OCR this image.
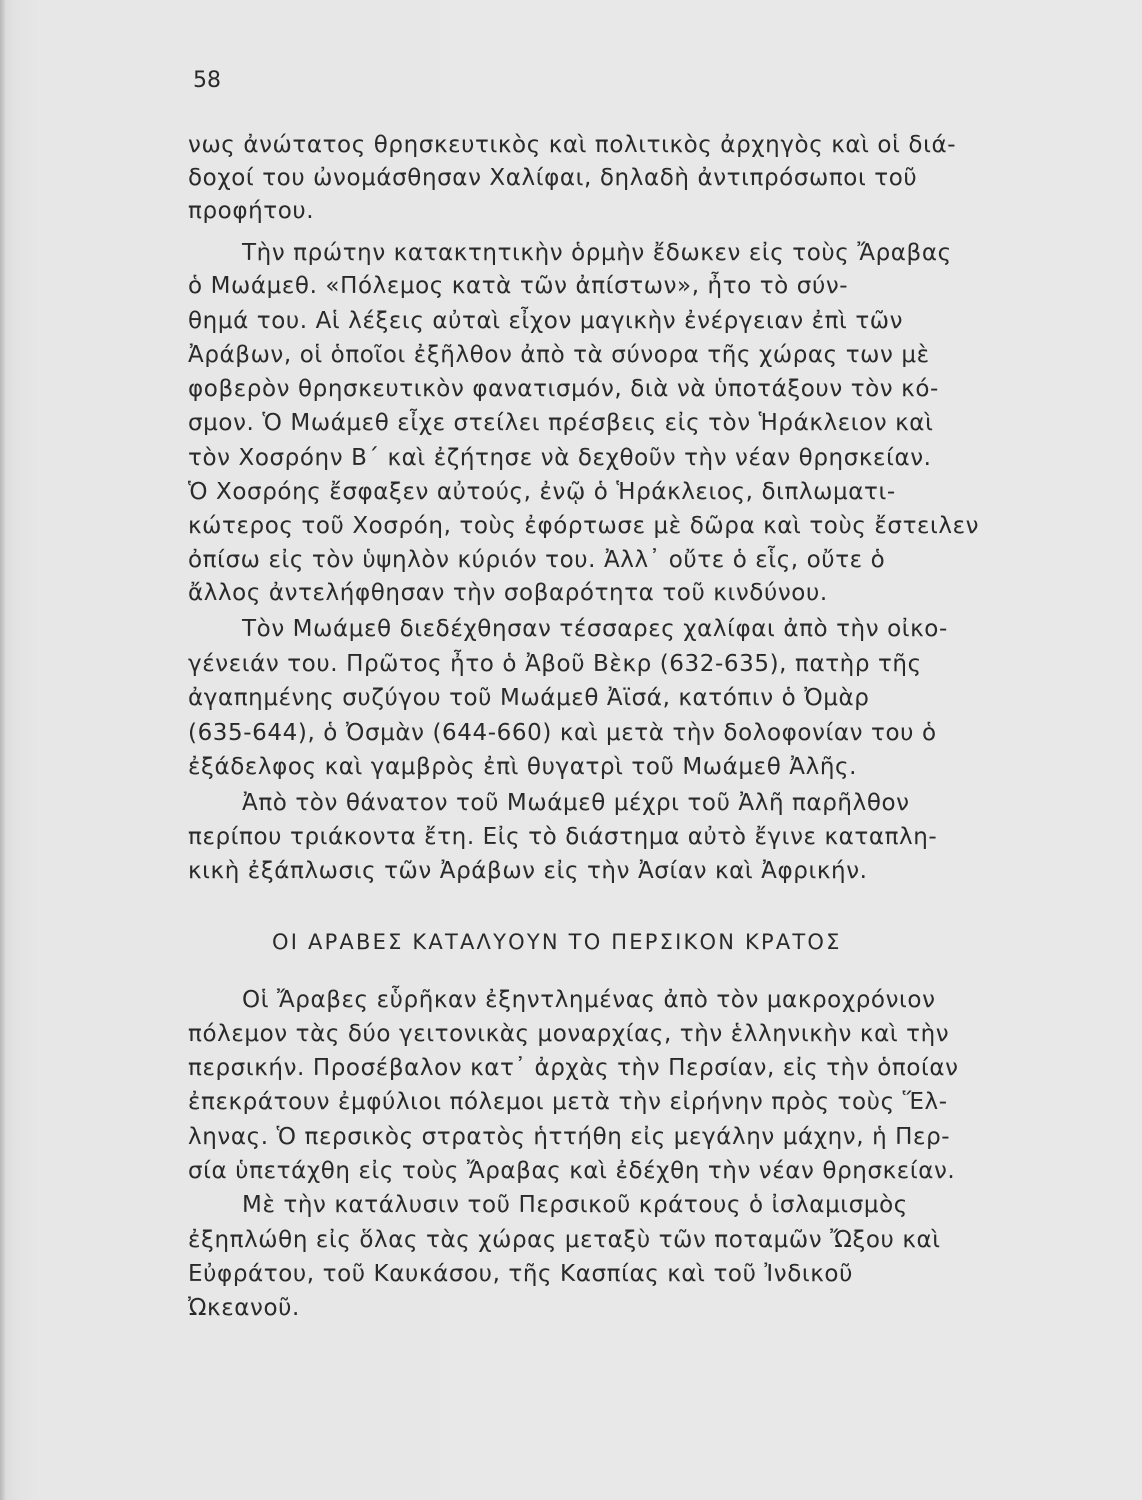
58
νως ἀνώτατος θρησκευτικὸς καὶ πολιτικὸς ἀρχηγὸς καὶ οἱ διά-
δοχοί του ὠνομάσθησαν Χαλίφαι, δηλαδὴ ἀντιπρόσωποι τοῦ
προφήτου.
Τὴν πρώτην κατακτητικὴν ὁρμὴν ἔδωκεν εἰς τοὺς Ἄραβας
ὁ Μωάμεθ. «Πόλεμος κατὰ τῶν ἀπίστων», ἦτο τὸ σύν-
θημά του. Αἱ λέξεις αὐταὶ εἶχον μαγικὴν ἐνέργειαν ἐπὶ τῶν
Ἀράβων, οἱ ὁποῖοι ἐξῆλθον ἀπὸ τὰ σύνορα τῆς χώρας των μὲ
φοβερὸν θρησκευτικὸν φανατισμόν, διὰ νὰ ὑποτάξουν τὸν κό-
σμον. Ὁ Μωάμεθ εἶχε στείλει πρέσβεις εἰς τὸν Ἡράκλειον καὶ
τὸν Χοσρόην Β´ καὶ ἐζήτησε νὰ δεχθοῦν τὴν νέαν θρησκείαν.
Ὁ Χοσρόης ἔσφαξεν αὐτούς, ἐνῷ ὁ Ἡράκλειος, διπλωματι-
κώτερος τοῦ Χοσρόη, τοὺς ἐφόρτωσε μὲ δῶρα καὶ τοὺς ἔστειλεν
ὀπίσω εἰς τὸν ὑψηλὸν κύριόν του. Ἀλλ᾽ οὔτε ὁ εἷς, οὔτε ὁ
ἄλλος ἀντελήφθησαν τὴν σοβαρότητα τοῦ κινδύνου.
Τὸν Μωάμεθ διεδέχθησαν τέσσαρες χαλίφαι ἀπὸ τὴν οἰκο-
γένειάν του. Πρῶτος ἦτο ὁ Ἀβοῦ Βὲκρ (632-635), πατὴρ τῆς
ἀγαπημένης συζύγου τοῦ Μωάμεθ Ἀϊσά, κατόπιν ὁ Ὀμὰρ
(635-644), ὁ Ὀσμὰν (644-660) καὶ μετὰ τὴν δολοφονίαν του ὁ
ἐξάδελφος καὶ γαμβρὸς ἐπὶ θυγατρὶ τοῦ Μωάμεθ Ἀλῆς.
Ἀπὸ τὸν θάνατον τοῦ Μωάμεθ μέχρι τοῦ Ἀλῆ παρῆλθον
περίπου τριάκοντα ἔτη. Εἰς τὸ διάστημα αὐτὸ ἔγινε καταπλη-
κικὴ ἐξάπλωσις τῶν Ἀράβων εἰς τὴν Ἀσίαν καὶ Ἀφρικήν.
ΟΙ ΑΡΑΒΕΣ ΚΑΤΑΛΥΟΥΝ ΤΟ ΠΕΡΣΙΚΟΝ ΚΡΑΤΟΣ
Οἱ Ἄραβες εὗρῆκαν ἐξηντλημένας ἀπὸ τὸν μακροχρόνιον
πόλεμον τὰς δύο γειτονικὰς μοναρχίας, τὴν ἑλληνικὴν καὶ τὴν
περσικήν. Προσέβαλον κατ᾽ ἀρχὰς τὴν Περσίαν, εἰς τὴν ὁποίαν
ἐπεκράτουν ἐμφύλιοι πόλεμοι μετὰ τὴν εἰρήνην πρὸς τοὺς Ἕλ-
ληνας. Ὁ περσικὸς στρατὸς ἡττήθη εἰς μεγάλην μάχην, ἡ Περ-
σία ὑπετάχθη εἰς τοὺς Ἄραβας καὶ ἐδέχθη τὴν νέαν θρησκείαν.
Μὲ τὴν κατάλυσιν τοῦ Περσικοῦ κράτους ὁ ἰσλαμισμὸς
ἐξηπλώθη εἰς ὅλας τὰς χώρας μεταξὺ τῶν ποταμῶν Ὤξου καὶ
Εὐφράτου, τοῦ Καυκάσου, τῆς Κασπίας καὶ τοῦ Ἰνδικοῦ
Ὠκεανοῦ.
